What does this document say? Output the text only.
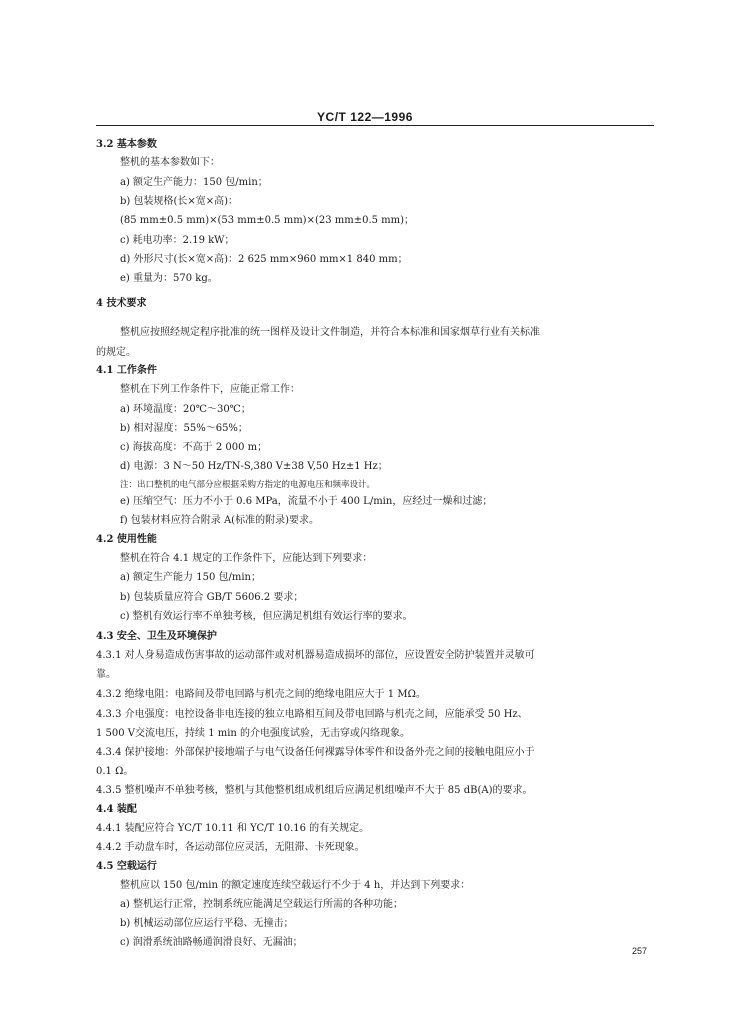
YC/T 122—1996
3.2 基本参数
整机的基本参数如下：
a) 额定生产能力：150 包/min；
b) 包装规格(长×宽×高)：
(85 mm±0.5 mm)×(53 mm±0.5 mm)×(23 mm±0.5 mm)；
c) 耗电功率：2.19 kW；
d) 外形尺寸(长×宽×高)：2 625 mm×960 mm×1 840 mm；
e) 重量为：570 kg。
4 技术要求
整机应按照经规定程序批准的统一图样及设计文件制造，并符合本标准和国家烟草行业有关标准
的规定。
4.1 工作条件
整机在下列工作条件下，应能正常工作：
a) 环境温度：20℃～30℃；
b) 相对湿度：55%～65%；
c) 海拔高度：不高于 2 000 m；
d) 电源：3 N～50 Hz/TN-S,380 V±38 V,50 Hz±1 Hz；
注：出口整机的电气部分应根据采购方指定的电源电压和频率设计。
e) 压缩空气：压力不小于 0.6 MPa，流量不小于 400 L/min，应经过一燥和过滤；
f) 包装材料应符合附录 A(标准的附录)要求。
4.2 使用性能
整机在符合 4.1 规定的工作条件下，应能达到下列要求：
a) 额定生产能力 150 包/min；
b) 包装质量应符合 GB/T 5606.2 要求；
c) 整机有效运行率不单独考核，但应满足机组有效运行率的要求。
4.3 安全、卫生及环境保护
4.3.1 对人身易造成伤害事故的运动部件或对机器易造成损坏的部位，应设置安全防护装置并灵敏可
靠。
4.3.2 绝缘电阻：电路间及带电回路与机壳之间的绝缘电阻应大于 1 MΩ。
4.3.3 介电强度：电控设备非电连接的独立电路相互间及带电回路与机壳之间，应能承受 50 Hz、
1 500 V交流电压，持续 1 min 的介电强度试验，无击穿或闪络现象。
4.3.4 保护接地：外部保护接地端子与电气设备任何裸露导体零件和设备外壳之间的接触电阻应小于
0.1 Ω。
4.3.5 整机噪声不单独考核，整机与其他整机组成机组后应满足机组噪声不大于 85 dB(A)的要求。
4.4 装配
4.4.1 装配应符合 YC/T 10.11 和 YC/T 10.16 的有关规定。
4.4.2 手动盘车时，各运动部位应灵活，无阻滞、卡死现象。
4.5 空载运行
整机应以 150 包/min 的额定速度连续空载运行不少于 4 h，并达到下列要求：
a) 整机运行正常，控制系统应能满足空载运行所需的各种功能；
b) 机械运动部位应运行平稳、无撞击；
c) 润滑系统油路畅通润滑良好、无漏油；
257
